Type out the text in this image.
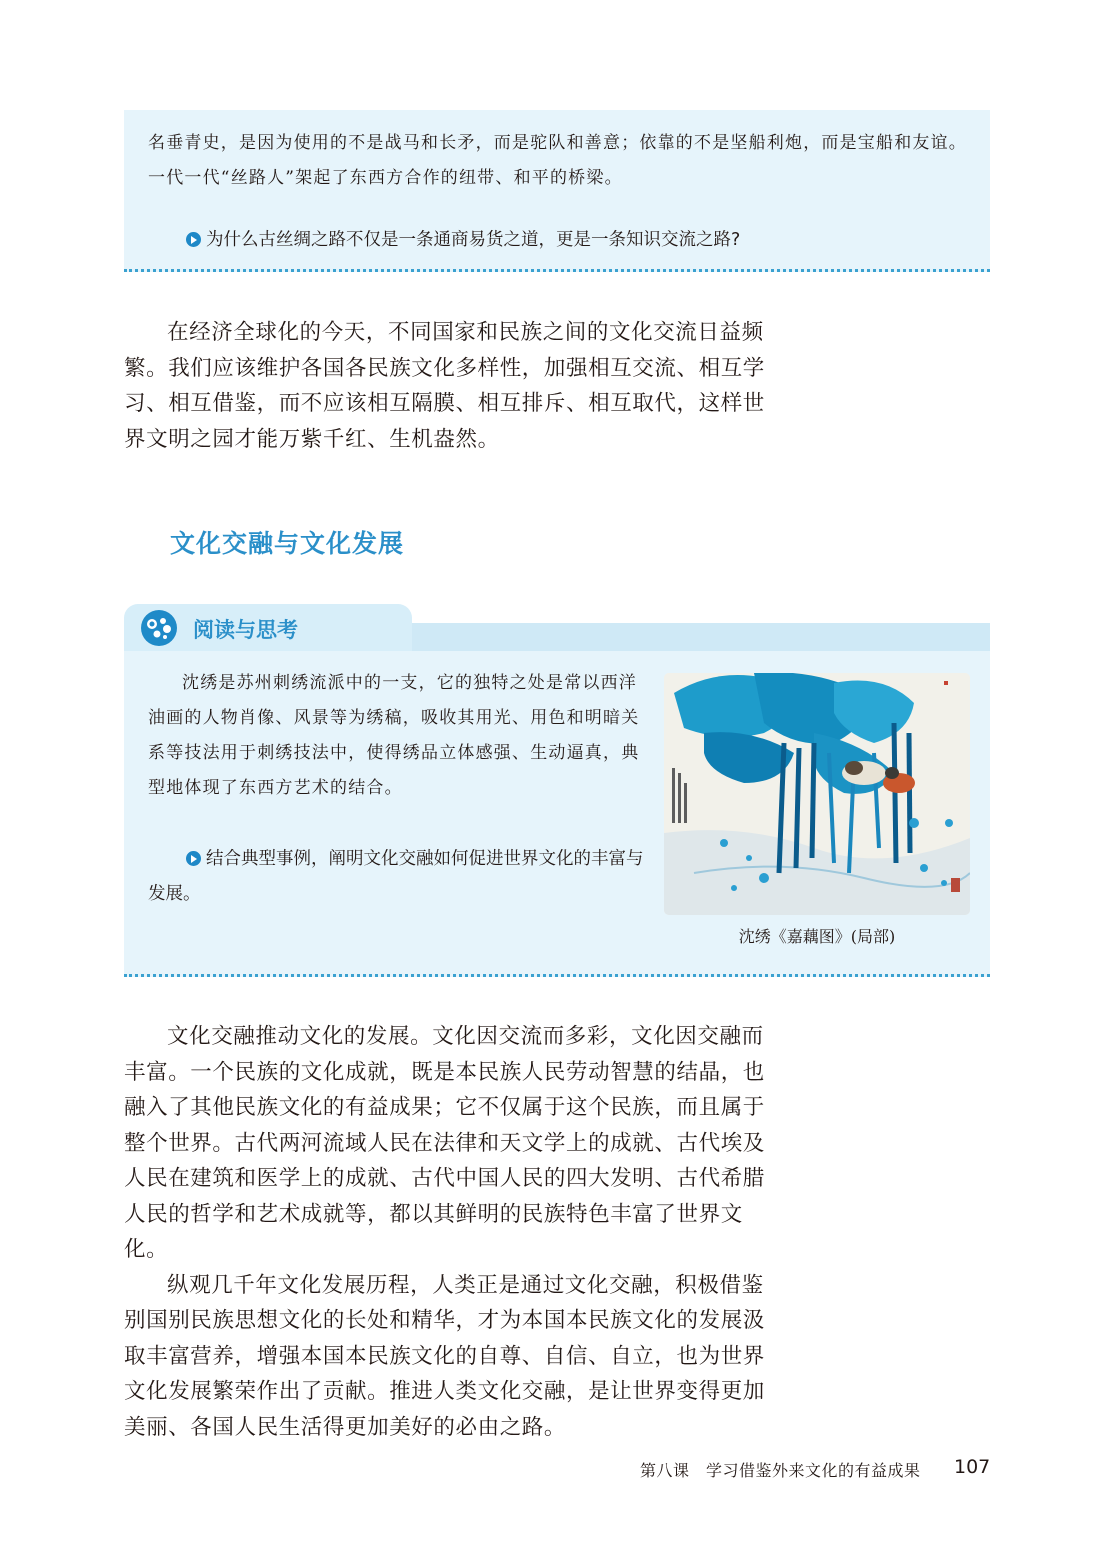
名垂青史，是因为使用的不是战马和长矛，而是驼队和善意；依靠的不是坚船利炮，而是宝船和友谊。一代一代“丝路人”架起了东西方合作的纽带、和平的桥梁。
为什么古丝绸之路不仅是一条通商易货之道，更是一条知识交流之路?

在经济全球化的今天，不同国家和民族之间的文化交流日益频繁。我们应该维护各国各民族文化多样性，加强相互交流、相互学习、相互借鉴，而不应该相互隔膜、相互排斥、相互取代，这样世界文明之园才能万紫千红、生机盎然。

文化交融与文化发展
阅读与思考

沈绣是苏州刺绣流派中的一支，它的独特之处是常以西洋油画的人物肖像、风景等为绣稿，吸收其用光、用色和明暗关系等技法用于刺绣技法中，使得绣品立体感强、生动逼真，典型地体现了东西方艺术的结合。

结合典型事例，阐明文化交融如何促进世界文化的丰富与发展。
沈绣《嘉藕图》(局部)

文化交融推动文化的发展。文化因交流而多彩，文化因交融而丰富。一个民族的文化成就，既是本民族人民劳动智慧的结晶，也融入了其他民族文化的有益成果；它不仅属于这个民族，而且属于整个世界。古代两河流域人民在法律和天文学上的成就、古代埃及人民在建筑和医学上的成就、古代中国人民的四大发明、古代希腊人民的哲学和艺术成就等，都以其鲜明的民族特色丰富了世界文化。

纵观几千年文化发展历程，人类正是通过文化交融，积极借鉴别国别民族思想文化的长处和精华，才为本国本民族文化的发展汲取丰富营养，增强本国本民族文化的自尊、自信、自立，也为世界文化发展繁荣作出了贡献。推进人类文化交融，是让世界变得更加美丽、各国人民生活得更加美好的必由之路。

第八课　学习借鉴外来文化的有益成果 107
